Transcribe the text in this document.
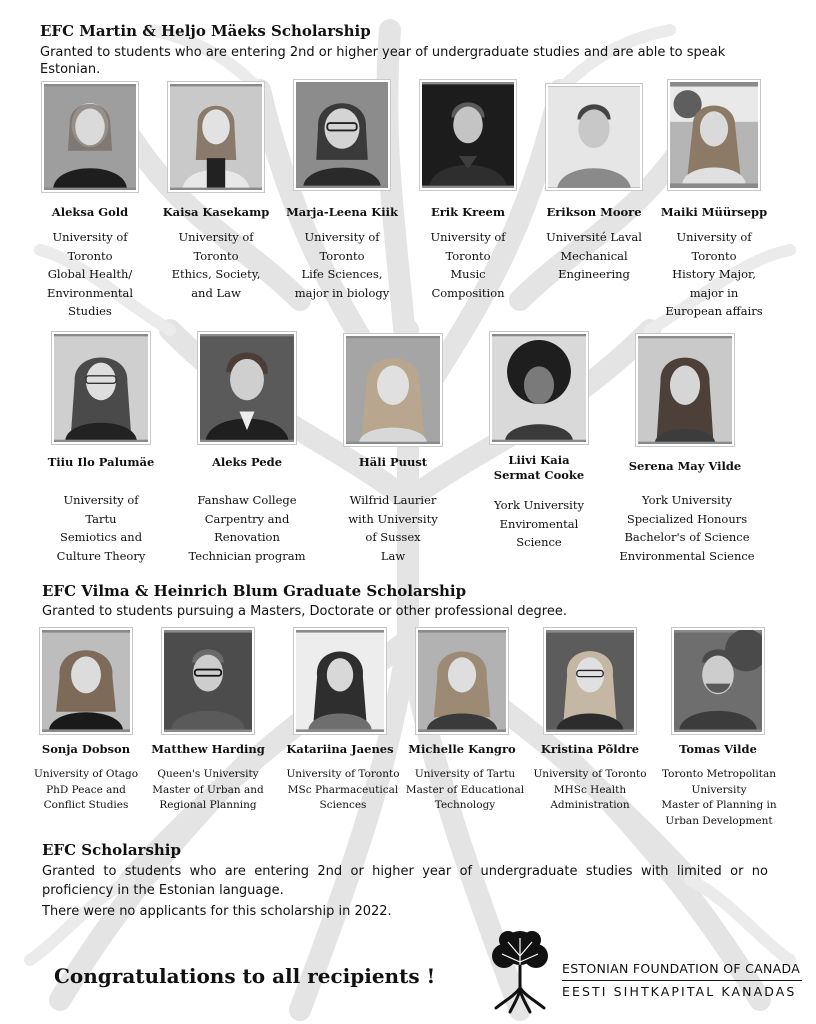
EFC Martin & Heljo Mäeks Scholarship
Granted to students who are entering 2nd or higher year of undergraduate studies and are able to speak Estonian.
Aleksa Gold
University of
Toronto
Global Health/
Environmental
Studies
Kaisa Kasekamp
University of
Toronto
Ethics, Society,
and Law
Marja-Leena Kiik
University of
Toronto
Life Sciences,
major in biology
Erik Kreem
University of
Toronto
Music
Composition
Erikson Moore
Université Laval
Mechanical
Engineering
Maiki Müürsepp
University of
Toronto
History Major,
major in
European affairs
Tiiu Ilo Palumäe
University of
Tartu
Semiotics and
Culture Theory
Aleks Pede
Fanshaw College
Carpentry and
Renovation
Technician program
Häli Puust
Wilfrid Laurier
with University
of Sussex
Law
Liivi Kaia
Sermat Cooke
York University
Enviromental
Science
Serena May Vilde
York University
Specialized Honours
Bachelor's of Science
Environmental Science
EFC Vilma & Heinrich Blum Graduate Scholarship
Granted to students pursuing a Masters, Doctorate or other professional degree.
Sonja Dobson
University of Otago
PhD Peace and
Conflict Studies
Matthew Harding
Queen's University
Master of Urban and
Regional Planning
Katariina Jaenes
University of Toronto
MSc Pharmaceutical
Sciences
Michelle Kangro
University of Tartu
Master of Educational
Technology
Kristina Põldre
University of Toronto
MHSc Health
Administration
Tomas Vilde
Toronto Metropolitan
University
Master of Planning in
Urban Development
EFC Scholarship
Granted to students who are entering 2nd or higher year of undergraduate studies with limited or no proficiency in the Estonian language.
There were no applicants for this scholarship in 2022.
Congratulations to all recipients !	ESTONIAN FOUNDATION OF CANADA
EESTI SIHTKAPITAL KANADAS
